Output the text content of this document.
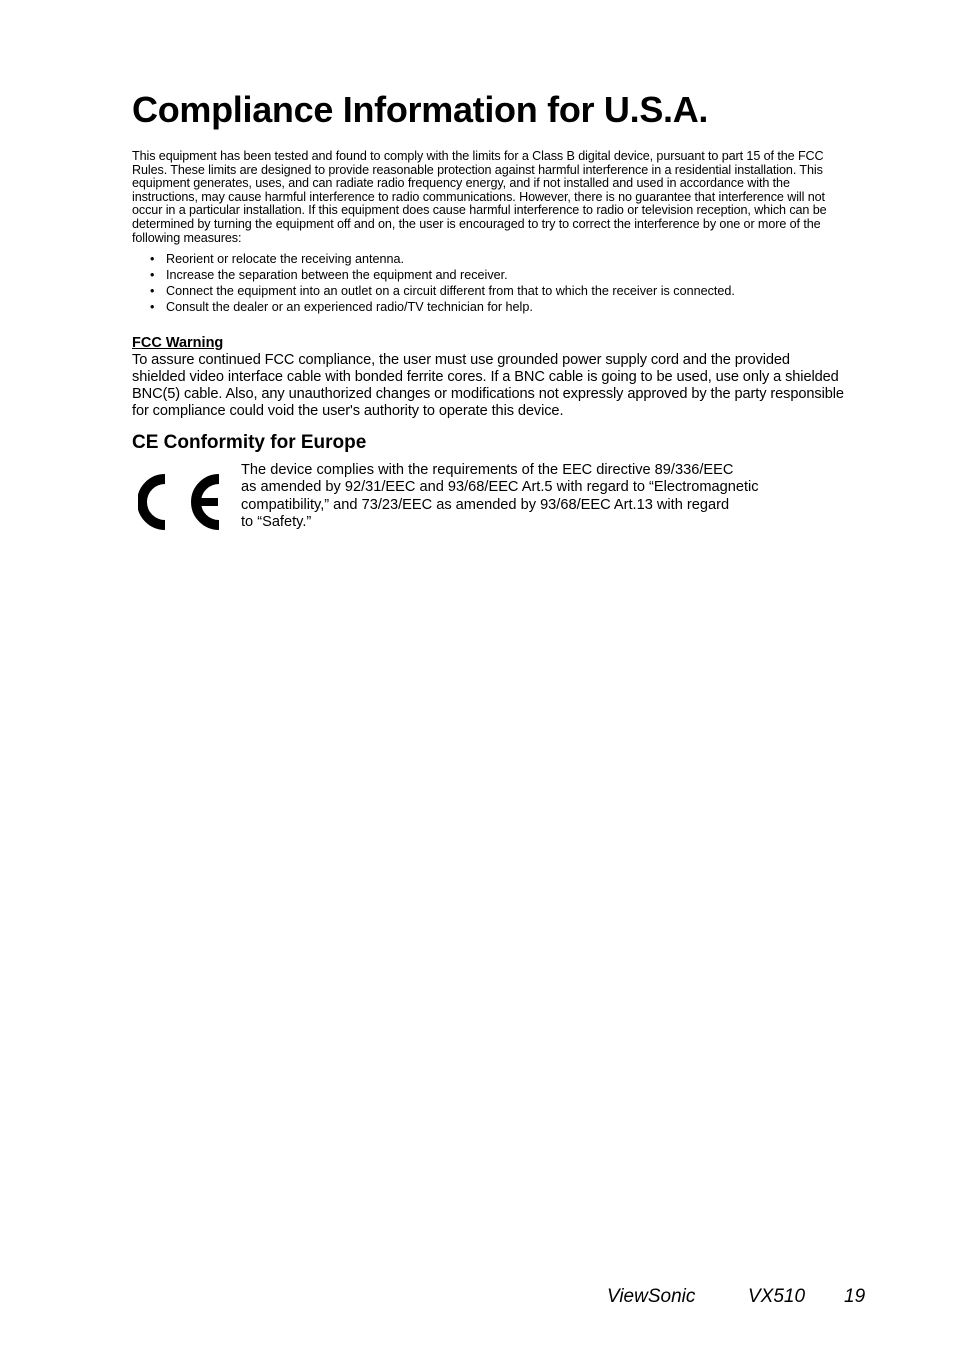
Compliance Information for U.S.A.

This equipment has been tested and found to comply with the limits for a Class B digital device, pursuant to part 15 of the FCC Rules. These limits are designed to provide reasonable protection against harmful interference in a residential installation. This equipment generates, uses, and can radiate radio frequency energy, and if not installed and used in accordance with the instructions, may cause harmful interference to radio communications. However, there is no guarantee that interference will not occur in a particular installation. If this equipment does cause harmful interference to radio or television reception, which can be determined by turning the equipment off and on, the user is encouraged to try to correct the interference by one or more of the following measures:

• Reorient or relocate the receiving antenna.
• Increase the separation between the equipment and receiver.
• Connect the equipment into an outlet on a circuit different from that to which the receiver is connected.
• Consult the dealer or an experienced radio/TV technician for help.
FCC Warning

To assure continued FCC compliance, the user must use grounded power supply cord and the provided shielded video interface cable with bonded ferrite cores. If a BNC cable is going to be used, use only a shielded BNC(5) cable. Also, any unauthorized changes or modifications not expressly approved by the party responsible for compliance could void the user's authority to operate this device.

CE Conformity for Europe

The device complies with the requirements of the EEC directive 89/336/EEC
as amended by 92/31/EEC and 93/68/EEC Art.5 with regard to “Electromagnetic
compatibility,” and 73/23/EEC as amended by 93/68/EEC Art.13 with regard
to “Safety.”

ViewSonic	VX510 19
